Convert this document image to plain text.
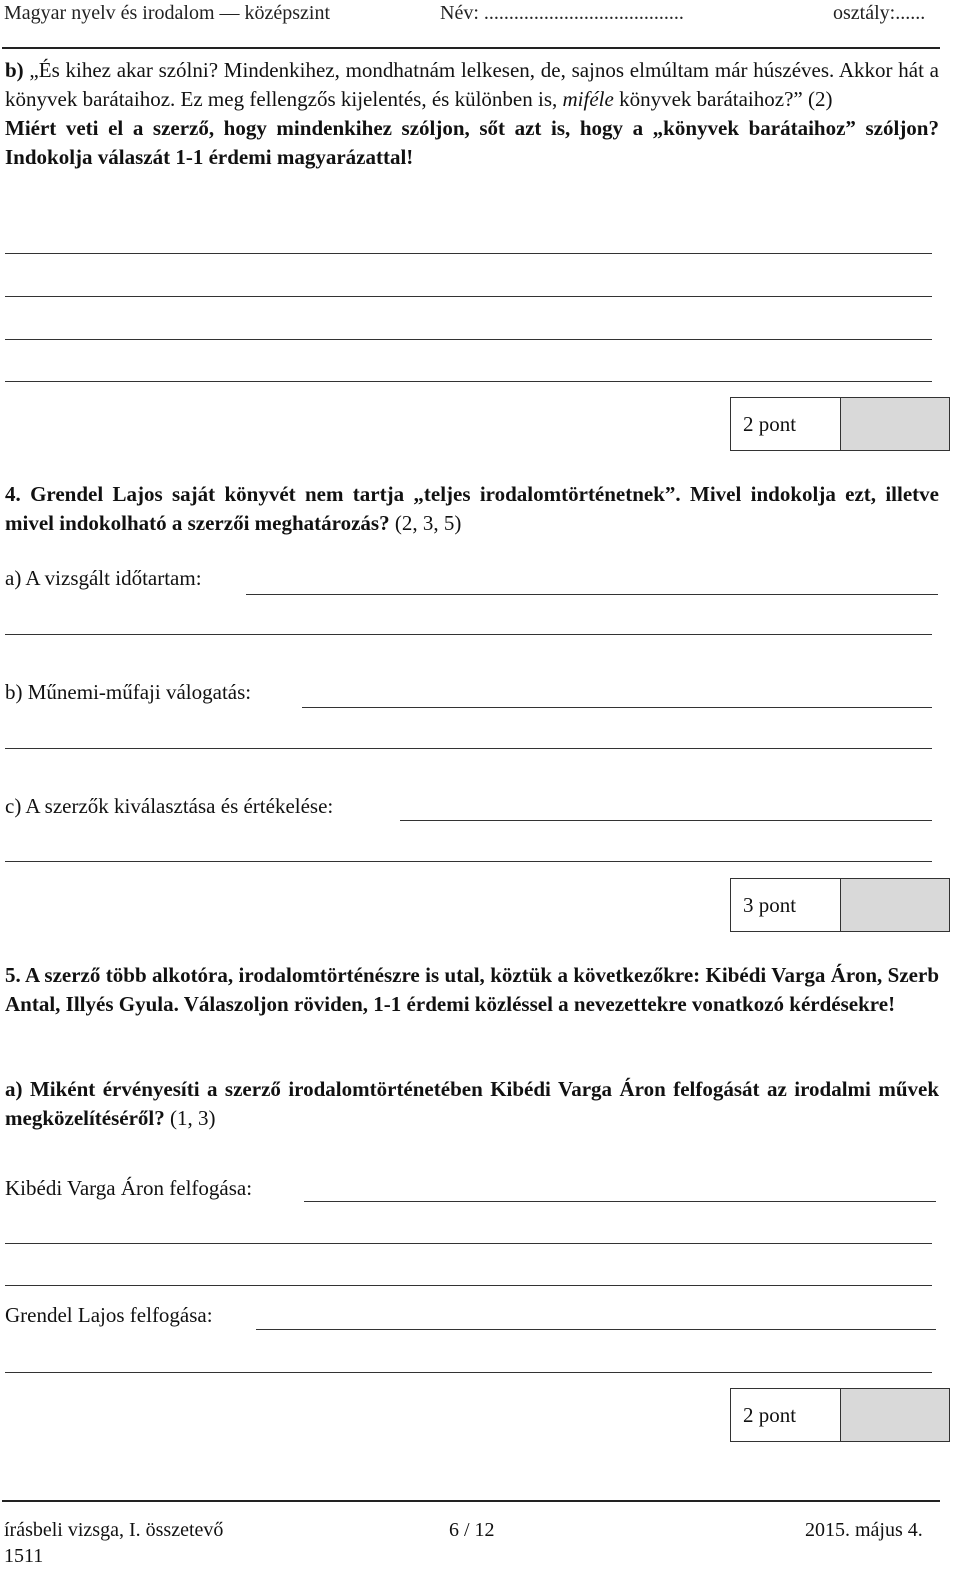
Magyar nyelv és irodalom — középszint	Név: ........................................	osztály:......
b) „És kihez akar szólni? Mindenkihez, mondhatnám lelkesen, de, sajnos elmúltam már húszéves. Akkor hát a könyvek barátaihoz. Ez meg fellengzős kijelentés, és különben is, miféle könyvek barátaihoz?” (2)
Miért veti el a szerző, hogy mindenkihez szóljon, sőt azt is, hogy a „könyvek barátaihoz” szóljon? Indokolja válaszát 1-1 érdemi magyarázattal!
2 pont
4. Grendel Lajos saját könyvét nem tartja „teljes irodalomtörténetnek”. Mivel indokolja ezt, illetve mivel indokolható a szerzői meghatározás? (2, 3, 5)
a) A vizsgált időtartam:
b) Műnemi-műfaji válogatás:
c) A szerzők kiválasztása és értékelése:
3 pont
5. A szerző több alkotóra, irodalomtörténészre is utal, köztük a következőkre: Kibédi Varga Áron, Szerb Antal, Illyés Gyula. Válaszoljon röviden, 1-1 érdemi közléssel a nevezettekre vonatkozó kérdésekre!
a) Miként érvényesíti a szerző irodalomtörténetében Kibédi Varga Áron felfogását az irodalmi művek megközelítéséről? (1, 3)
Kibédi Varga Áron felfogása:
Grendel Lajos felfogása:
2 pont
írásbeli vizsga, I. összetevő
1511
6 / 12	2015. május 4.
